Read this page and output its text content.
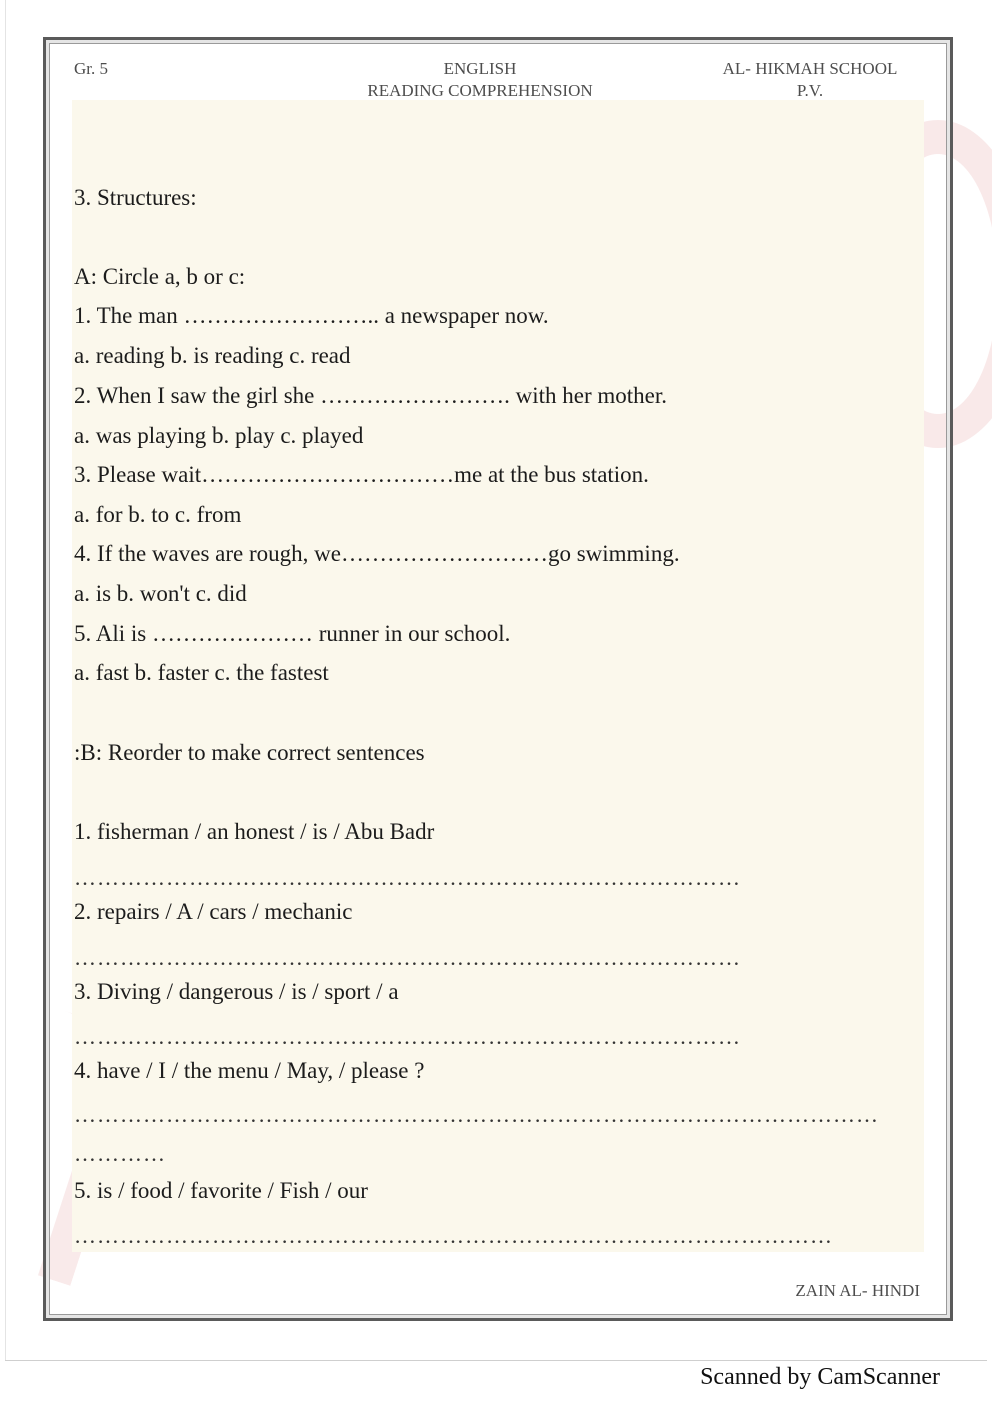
Gr. 5	ENGLISH
READING COMPREHENSION
AL- HIKMAH SCHOOL
P.V.
3. Structures:
A: Circle a, b or c:
1. The man …………………….. a newspaper now.
a. reading b. is reading c. read
2. When I saw the girl she ……………………. with her mother.
a. was playing b. play c. played
3. Please wait……………………………me at the bus station.
a. for b. to c. from
4. If the waves are rough, we………………………go swimming.
a. is b. won't c. did
5. Ali is ………………… runner in our school.
a. fast b. faster c. the fastest
:B: Reorder to make correct sentences
1. fisherman / an honest / is / Abu Badr
……………………………………………………………………………
2. repairs / A / cars / mechanic
……………………………………………………………………………
3. Diving / dangerous / is / sport / a
……………………………………………………………………………
4. have / I / the menu / May, / please ?
……………………………………………………………………………………………
…………
5. is / food / favorite / Fish / our
………………………………………………………………………………………
ZAIN AL- HINDI
Scanned by CamScanner
